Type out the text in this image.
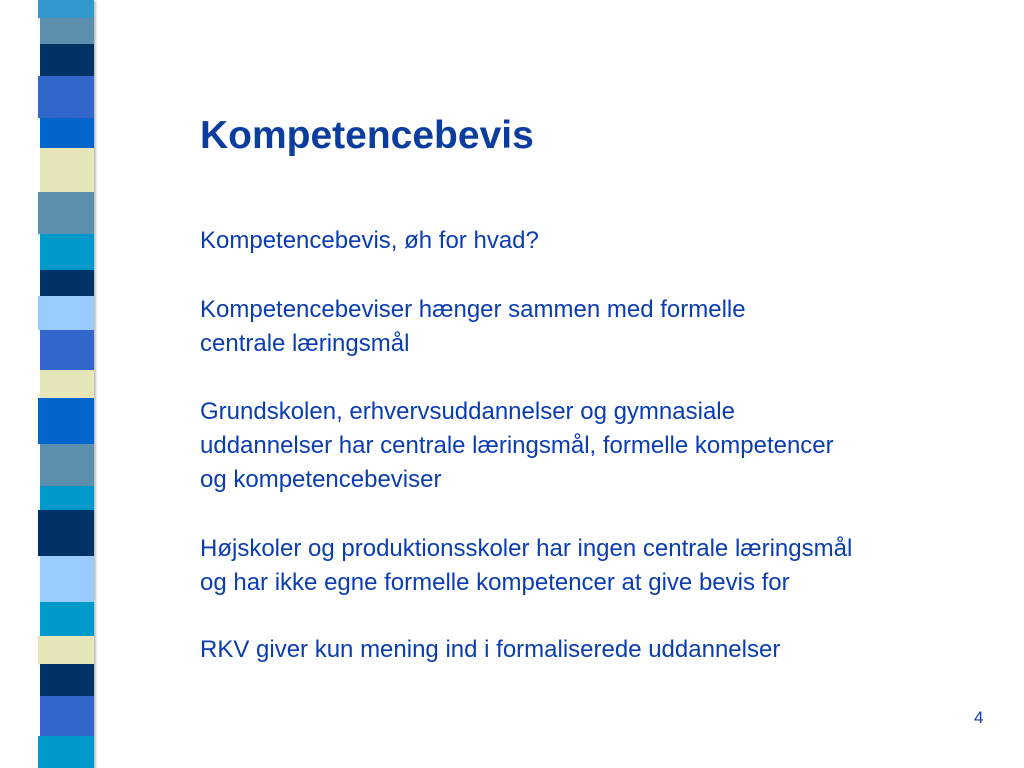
Kompetencebevis

Kompetencebevis, øh for hvad?

Kompetencebeviser hænger sammen med formelle
centrale læringsmål

Grundskolen, erhvervsuddannelser og gymnasiale
uddannelser har centrale læringsmål, formelle kompetencer
og kompetencebeviser

Højskoler og produktionsskoler har ingen centrale læringsmål
og har ikke egne formelle kompetencer at give bevis for

RKV giver kun mening ind i formaliserede uddannelser

4
